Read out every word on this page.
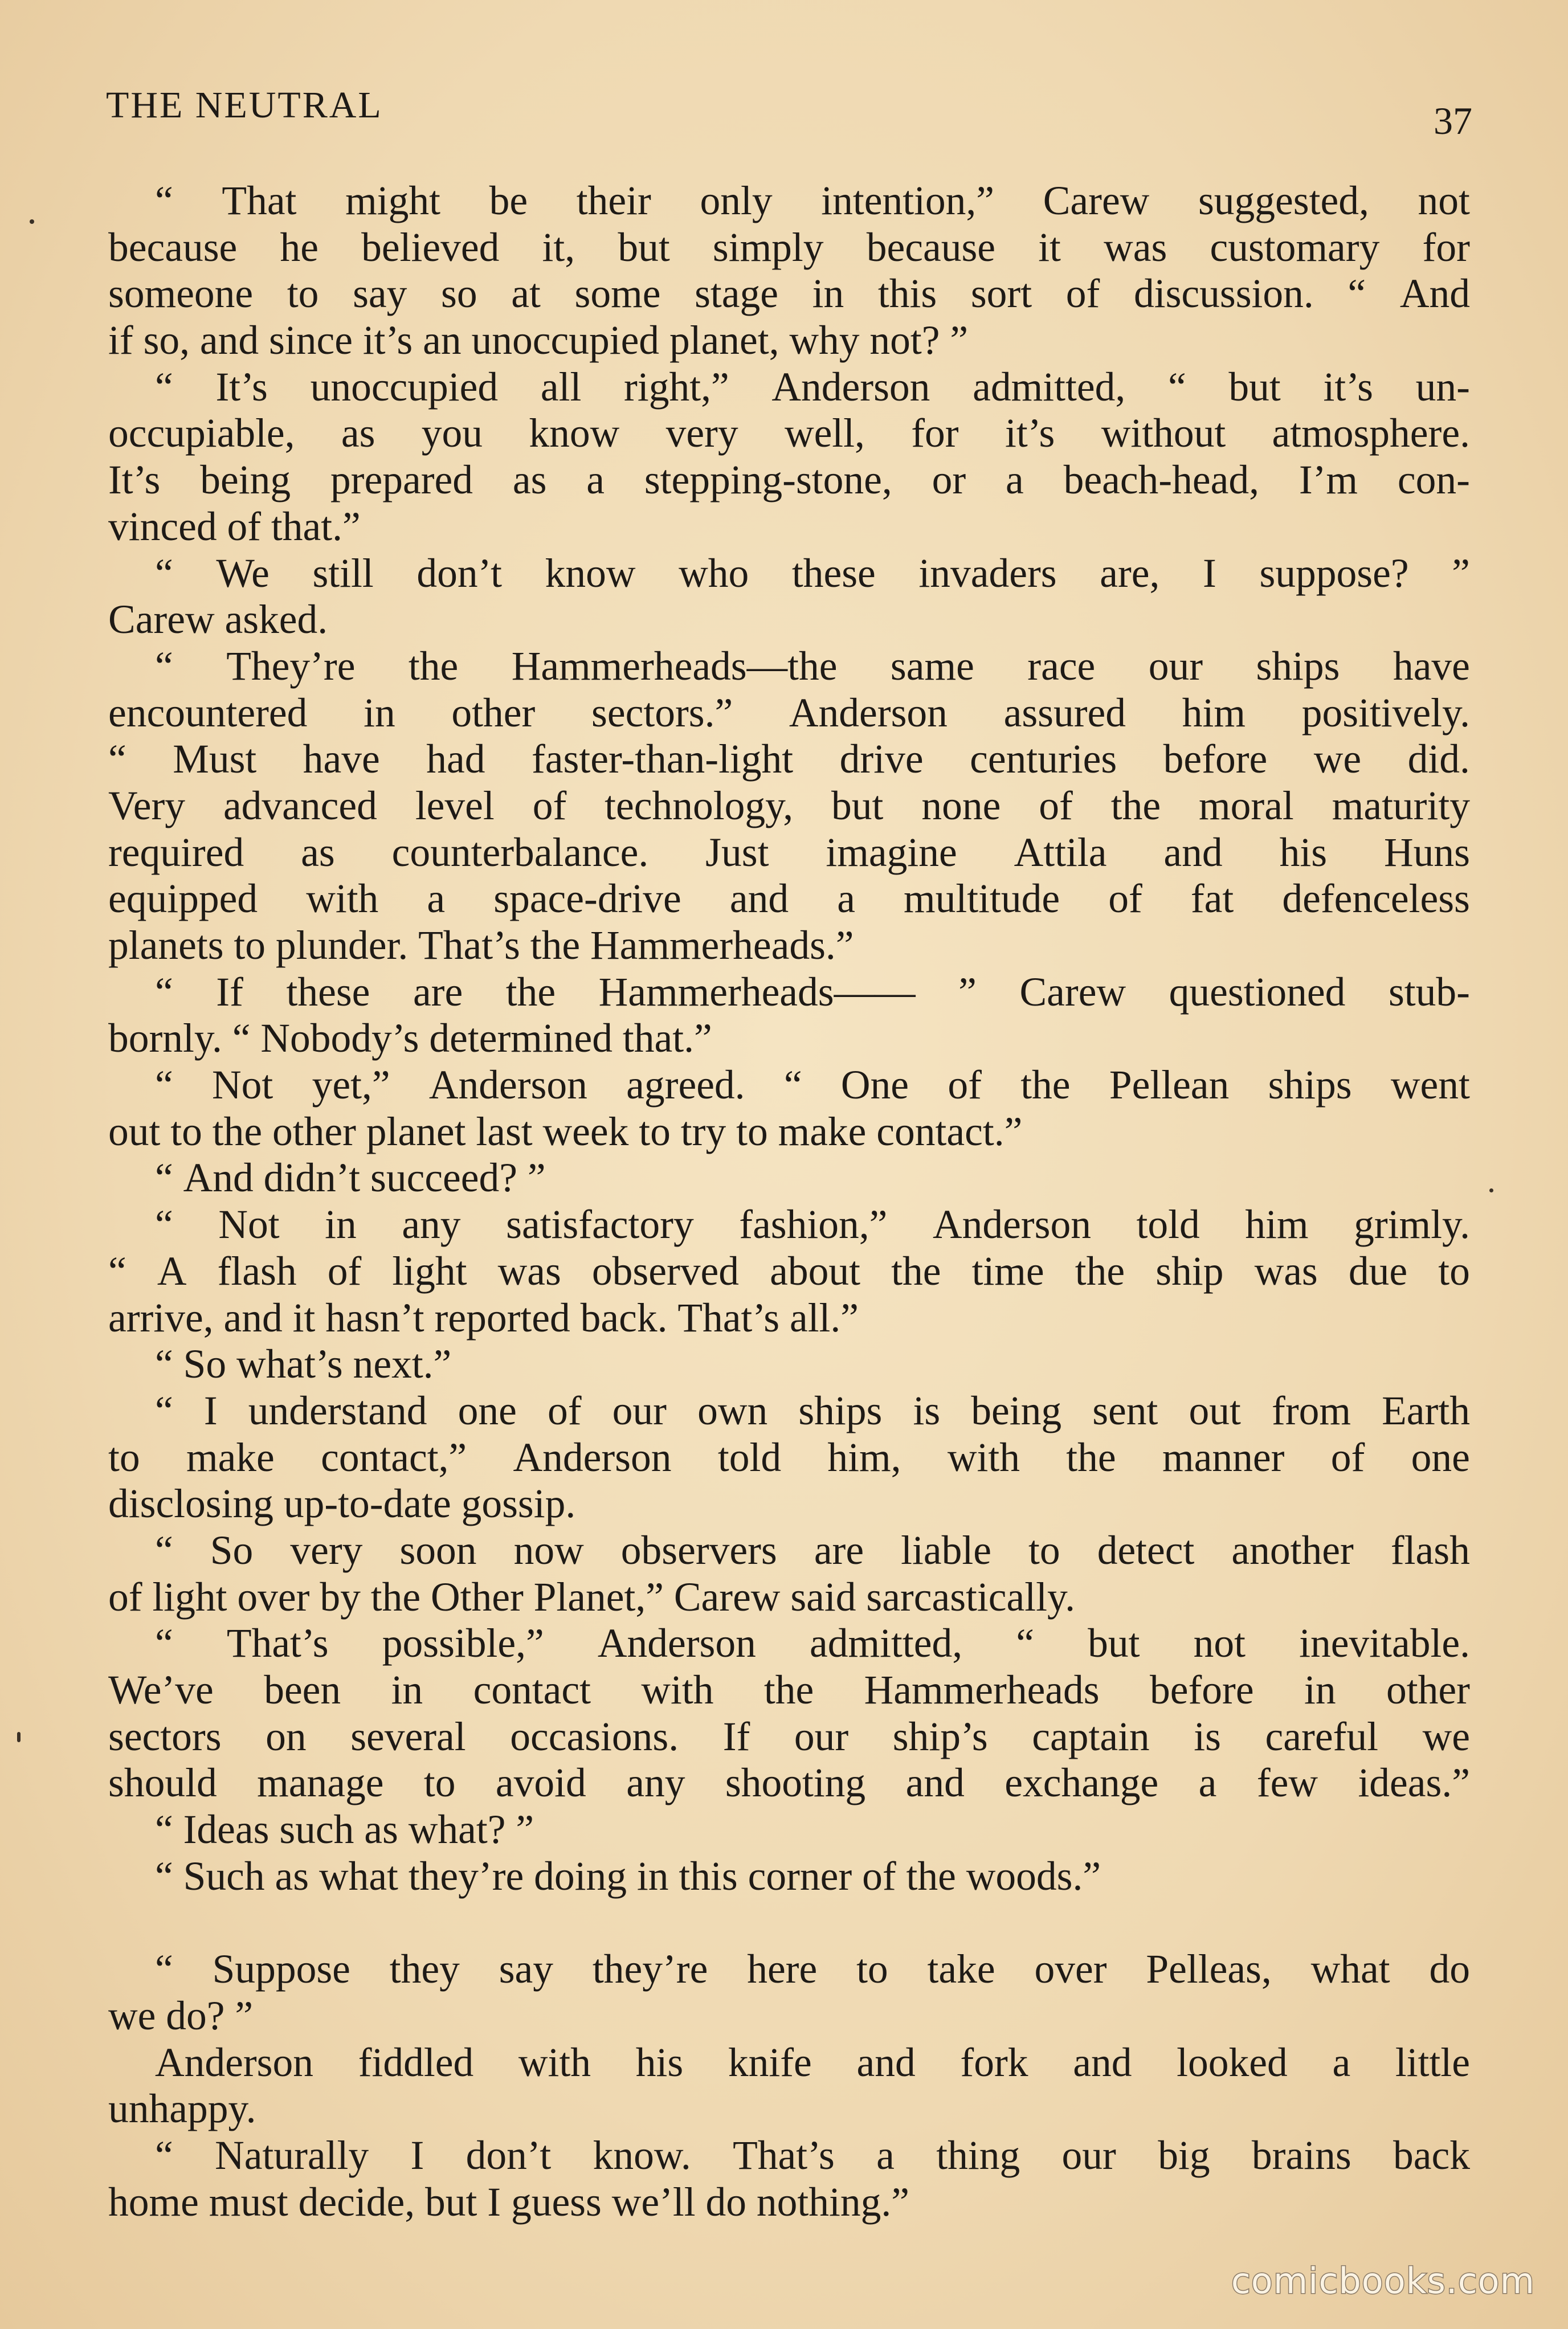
THE NEUTRAL	37
“ That might be their only intention,” Carew suggested, not
because he believed it, but simply because it was customary for
someone to say so at some stage in this sort of discussion. “ And
if so, and since it’s an unoccupied planet, why not? ”
“ It’s unoccupied all right,” Anderson admitted, “ but it’s un-
occupiable, as you know very well, for it’s without atmosphere.
It’s being prepared as a stepping-stone, or a beach-head, I’m con-
vinced of that.”
“ We still don’t know who these invaders are, I suppose? ”
Carew asked.
“ They’re the Hammerheads—the same race our ships have
encountered in other sectors.” Anderson assured him positively.
“ Must have had faster-than-light drive centuries before we did.
Very advanced level of technology, but none of the moral maturity
required as counterbalance. Just imagine Attila and his Huns
equipped with a space-drive and a multitude of fat defenceless
planets to plunder. That’s the Hammerheads.”
“ If these are the Hammerheads—— ” Carew questioned stub-
bornly. “ Nobody’s determined that.”
“ Not yet,” Anderson agreed. “ One of the Pellean ships went
out to the other planet last week to try to make contact.”
“ And didn’t succeed? ”
“ Not in any satisfactory fashion,” Anderson told him grimly.
“ A flash of light was observed about the time the ship was due to
arrive, and it hasn’t reported back. That’s all.”
“ So what’s next.”
“ I understand one of our own ships is being sent out from Earth
to make contact,” Anderson told him, with the manner of one
disclosing up-to-date gossip.
“ So very soon now observers are liable to detect another flash
of light over by the Other Planet,” Carew said sarcastically.
“ That’s possible,” Anderson admitted, “ but not inevitable.
We’ve been in contact with the Hammerheads before in other
sectors on several occasions. If our ship’s captain is careful we
should manage to avoid any shooting and exchange a few ideas.”
“ Ideas such as what? ”
“ Such as what they’re doing in this corner of the woods.”
“ Suppose they say they’re here to take over Pelleas, what do
we do? ”
Anderson fiddled with his knife and fork and looked a little
unhappy.
“ Naturally I don’t know. That’s a thing our big brains back
home must decide, but I guess we’ll do nothing.”
comicbooks.com
